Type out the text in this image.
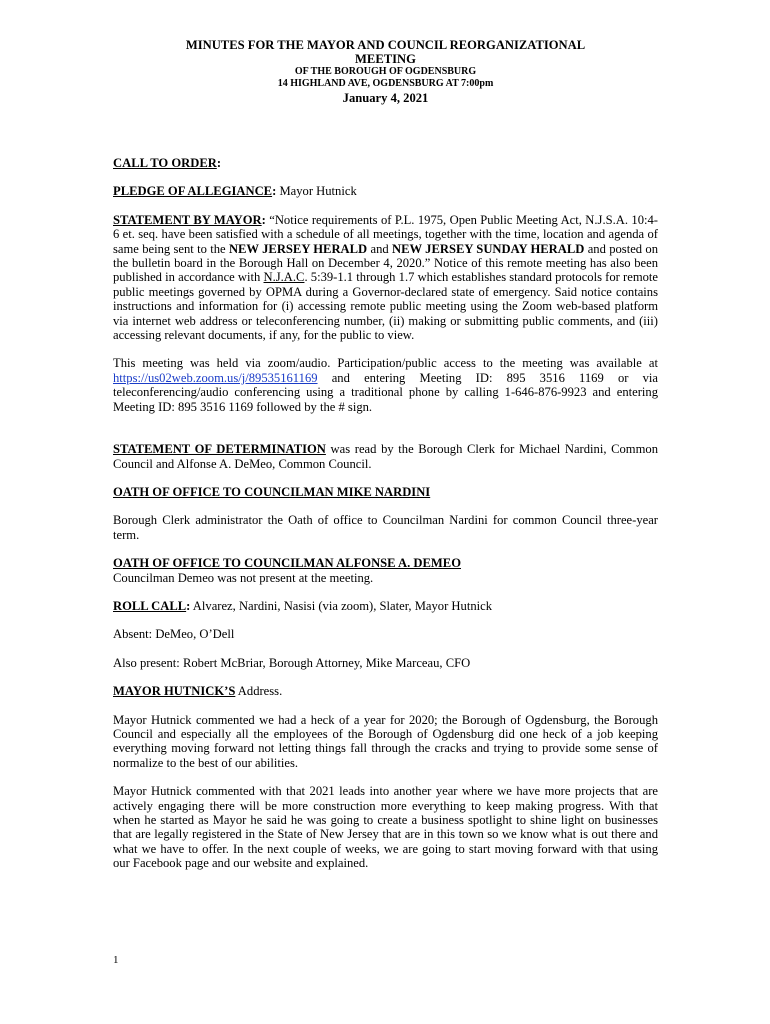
MINUTES FOR THE MAYOR AND COUNCIL REORGANIZATIONAL
MEETING
OF THE BOROUGH OF OGDENSBURG
14 HIGHLAND AVE, OGDENSBURG AT 7:00pm
January 4, 2021

CALL TO ORDER:

PLEDGE OF ALLEGIANCE: Mayor Hutnick

STATEMENT BY MAYOR: “Notice requirements of P.L. 1975, Open Public Meeting Act, N.J.S.A. 10:4-6 et. seq. have been satisfied with a schedule of all meetings, together with the time, location and agenda of same being sent to the NEW JERSEY HERALD and NEW JERSEY SUNDAY HERALD and posted on the bulletin board in the Borough Hall on December 4, 2020.” Notice of this remote meeting has also been published in accordance with N.J.A.C. 5:39-1.1 through 1.7 which establishes standard protocols for remote public meetings governed by OPMA during a Governor-declared state of emergency. Said notice contains instructions and information for (i) accessing remote public meeting using the Zoom web-based platform via internet web address or teleconferencing number, (ii) making or submitting public comments, and (iii) accessing relevant documents, if any, for the public to view.

This meeting was held via zoom/audio. Participation/public access to the meeting was available at https://us02web.zoom.us/j/89535161169 and entering Meeting ID: 895 3516 1169 or via teleconferencing/audio conferencing using a traditional phone by calling 1-646-876-9923 and entering Meeting ID: 895 3516 1169 followed by the # sign.

STATEMENT OF DETERMINATION was read by the Borough Clerk for Michael Nardini, Common Council and Alfonse A. DeMeo, Common Council.

OATH OF OFFICE TO COUNCILMAN MIKE NARDINI

Borough Clerk administrator the Oath of office to Councilman Nardini for common Council three-year term.

OATH OF OFFICE TO COUNCILMAN ALFONSE A. DEMEO

Councilman Demeo was not present at the meeting.

ROLL CALL: Alvarez, Nardini, Nasisi (via zoom), Slater, Mayor Hutnick

Absent: DeMeo, O’Dell

Also present: Robert McBriar, Borough Attorney, Mike Marceau, CFO

MAYOR HUTNICK’S Address.

Mayor Hutnick commented we had a heck of a year for 2020; the Borough of Ogdensburg, the Borough Council and especially all the employees of the Borough of Ogdensburg did one heck of a job keeping everything moving forward not letting things fall through the cracks and trying to provide some sense of normalize to the best of our abilities.

Mayor Hutnick commented with that 2021 leads into another year where we have more projects that are actively engaging there will be more construction more everything to keep making progress. With that when he started as Mayor he said he was going to create a business spotlight to shine light on businesses that are legally registered in the State of New Jersey that are in this town so we know what is out there and what we have to offer. In the next couple of weeks, we are going to start moving forward with that using our Facebook page and our website and explained.

1
